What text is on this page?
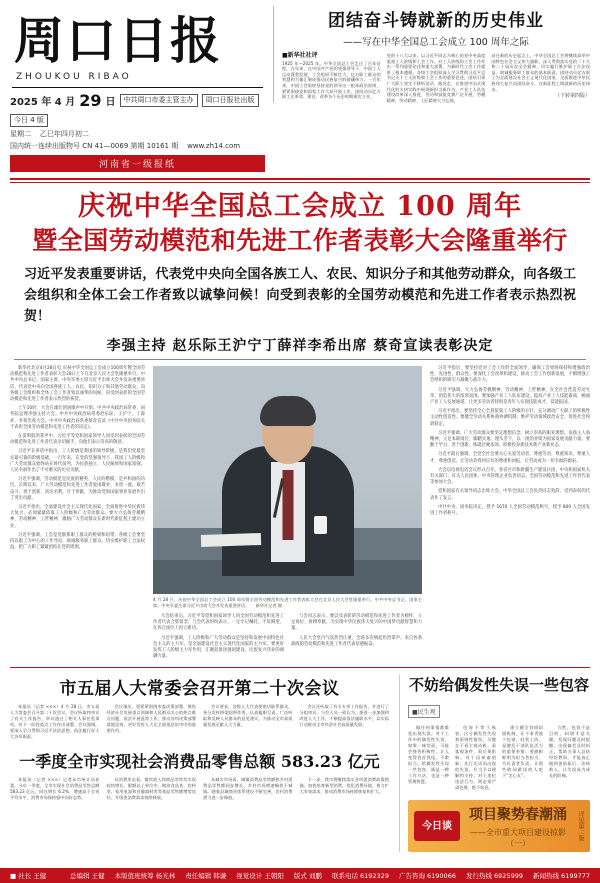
周口日报
ZHOUKOU RIBAO
2025 年 4 月 29 日	中共周口市委主管主办	周口日报社出版
今日 4 版
星期二 乙巳年四月初二
国内统一连续出版物号 CN 41—0069 第期 10161 期 www.zh14.com
河南省一级报纸
团结奋斗铸就新的历史伟业
——写在中华全国总工会成立 100 周年之际
■新华社社评
1925 年—2025 年。中华全国总工会走过了百年征程，百年来，在中国共产党的坚强领导下，中国工人运动蓬勃发展，工会组织不断壮大，亿万职工群众的智慧和力量汇聚成推动民族复兴的磅礴伟力。一百年来，中国工会始终坚持党的领导这一根本政治原则，紧紧围绕党和国家工作大局开展工作，团结动员亿万职工在革命、建设、改革各个历史时期建功立业。
党的十八大以来，以习近平同志为核心的党中央高度重视工人阶级和工会工作，对工人阶级和工会工作作出一系列重要论述和重大部署，为新时代工会工作提供了根本遵循。各级工会组织深入学习贯彻习近平总书记关于工人阶级和工会工作的重要论述，团结引领广大职工坚定不移听党话、跟党走，在推进中国式现代化的火热实践中展现新担当新作为。产业工人队伍建设改革深入推进，劳动和技能竞赛广泛开展，劳模精神、劳动精神、工匠精神大力弘扬。
站在新的历史起点上，中华全国总工会将继续高举中国特色社会主义伟大旗帜，深入贯彻落实党的二十大和二十届历次全会精神，切实履行维护职工合法权益、竭诚服务职工群众的基本职责，团结动员亿万职工为全面建设社会主义现代化国家、全面推进中华民族伟大复兴而团结奋斗，在新征程上铸就新的历史伟业。
（下转第四版）
庆祝中华全国总工会成立 100 周年
暨全国劳动模范和先进工作者表彰大会隆重举行
习近平发表重要讲话，代表党中央向全国各族工人、农民、知识分子和其他劳动群众，向各级工会组织和全体工会工作者致以诚挚问候！向受到表彰的全国劳动模范和先进工作者表示热烈祝贺！
李强主持 赵乐际王沪宁丁薛祥李希出席 蔡奇宣读表彰决定

新华社北京4月28日电 庆祝中华全国总工会成立100周年暨全国劳动模范和先进工作者表彰大会28日上午在北京人民大会堂隆重举行。中共中央总书记、国家主席、中央军委主席习近平出席大会并发表重要讲话，代表党中央向全国各族工人、农民、知识分子和其他劳动群众，向各级工会组织和全体工会工作者致以诚挚的问候，向受到表彰的全国劳动模范和先进工作者表示热烈的祝贺。

上午10时，大会在雄壮的国歌声中开始。中共中央政治局常委、国务院总理李强主持大会。中共中央政治局常委赵乐际、王沪宁、丁薛祥、李希出席大会。中共中央政治局常委蔡奇宣读《中共中央国务院关于表彰全国劳动模范和先进工作者的决定》。

在雷鸣般的掌声中，习近平等党和国家领导人同受到表彰的全国劳动模范和先进工作者代表亲切握手，向他们表示崇高的敬意。

习近平在讲话中指出，工人阶级是我国的领导阶级，是我们党最坚实最可靠的阶级基础。一百年来，在党的坚强领导下，我国工人阶级和广大劳动群众始终站在时代前列，为民族独立、人民解放和国家富强、人民幸福作出了不可磨灭的历史贡献。

习近平强调，劳动模范是民族的精英、人民的楷模，是共和国的功臣。长期以来，广大劳动模范和先进工作者爱岗敬业、争创一流，艰苦奋斗、勇于创新，淡泊名利、甘于奉献，为推动党和国家事业发展作出了突出贡献。

习近平指出，全面建设社会主义现代化国家、全面推进中华民族伟大复兴，必须紧紧依靠工人阶级和广大劳动群众。要大力弘扬劳模精神、劳动精神、工匠精神，激励广大劳动群众在新时代新征程上建功立业。

习近平强调，工会是党联系职工群众的桥梁和纽带。各级工会要坚持以职工为中心的工作导向，竭诚服务职工群众，切实维护职工合法权益，把广大职工紧紧团结在党的周围。

4 月 28 日，庆祝中华全国总工会成立 100 周年暨全国劳动模范和先进工作者表彰大会在北京人民大会堂隆重举行。中共中央总书记、国家主席、中央军委主席习近平出席大会并发表重要讲话。　　新华社记者 摄

大会结束后，习近平等党和国家领导人同全国劳动模范和先进工作者代表合影留念。与会代表纷纷表示，一定牢记嘱托、不负期望，在各自岗位上再立新功。

习近平强调，工人阶级和广大劳动群众是坚持和发展中国特色社会主义的主力军，是全面建设社会主义现代化国家的主力军。要更好发挥工人阶级主力军作用，汇聚起推进强国建设、民族复兴伟业的磅礴力量。

与会同志表示，要以受表彰的劳动模范和先进工作者为榜样，立足岗位、拼搏奉献，为实现中华民族伟大复兴的中国梦贡献智慧和力量。

人民大会堂内气氛热烈庄重，全场多次响起热烈掌声。来自各条战线的劳动模范和先进工作者代表倍感振奋。

习近平指出，要坚持党对工会工作的全面领导，确保工会始终保持和增强政治性、先进性、群众性。要深化工会改革和建设，推动工会工作创新发展，不断增强工会组织的吸引力凝聚力战斗力。

习近平强调，大力弘扬劳模精神、劳动精神、工匠精神，在全社会营造劳动光荣、创造伟大的浓厚氛围。要加强产业工人队伍建设，提高产业工人技能素质，畅通产业工人发展通道，让更多劳动者特别是青年人实现技能成才、技能报国。

习近平指出，要坚持全心全意依靠工人阶级的方针，充分调动广大职工的积极性主动性创造性。要健全劳动关系协商协调机制，维护劳动领域政治安全，促进社会和谐稳定。

习近平强调，广大劳动群众要坚定理想信念，树立崇高的职业理想，发扬主人翁精神，立足本职岗位，脚踏实地、埋头苦干，以一流的业绩为国家发展贡献力量。要勤于学习、善于创新，练就过硬本领，积极投身新技术新产业新业态。

习近平最后强调，全党全社会要关心关爱劳动者，尊重劳动、尊重知识、尊重人才、尊重创造，让劳动者得到应有的尊重和回报，让劳动成为一切幸福的源泉。

大会以电视电话会议形式召开。各省区市和新疆生产建设兵团、中央和国家机关有关部门、有关人民团体、中央管理企业负责同志，全国劳动模范和先进工作者代表等参加大会。

党和国家有关领导同志出席大会。中华全国总工会负责同志致辞，受到表彰的代表作了发言。

中共中央、国务院决定，授予 1670 人全国劳动模范称号，授予 800 人全国先进工作者称号。

市五届人大常委会召开第二十次会议

本报讯（记者 ×××）4 月 28 日，市五届人大常委会召开第二十次会议。会议听取和审议了有关工作报告，审议通过了相关人事任免事项，对下一阶段重点工作作出部署。会议强调，要深入学习贯彻习近平法治思想，依法履行好人大各项职责。

会议指出，要紧紧围绕市委决策部署，聚焦经济社会发展重点领域和人民群众关心的热点难点问题，依法开展监督工作，推动各项决策部署落地见效，更好发挥人大在全面依法治市中的重要作用。

会议要求，各级人大代表要密切联系群众，充分发挥桥梁纽带作用，认真履职尽责，广泛听取和反映人民群众的意见建议，为推动全市高质量发展贡献人大力量。

会议还听取了有关专项工作报告，并进行了分组审议。与会人员一致认为，要进一步加强和改进人大工作，不断提高依法履职水平，以实际行动推动全市经济社会高质量发展。

一季度全市实现社会消费品零售总额 583.23 亿元

本报讯（记者 ×××）记者从市统计局获悉，今年一季度，全市实现社会消费品零售总额 583.23 亿元，同比增长 6.2%，增速高于全省平均水平，消费市场保持稳中向好态势。

从消费形态看，餐饮收入和商品零售均实现较快增长。限额以上单位中，粮油食品类、饮料类、家用电器和音像器材类等商品零售额增势良好，升级类消费需求持续释放。

从城乡市场看，城镇消费品零售额和乡村消费品零售额同步增长，乡村市场增速略快于城镇。随着县域商业体系建设不断完善，农村消费潜力进一步释放。

下一步，我市将继续落实各项促消费政策措施，加快培育新型消费，优化消费环境，着力扩大有效需求，推动消费市场持续恢复和扩大。

不妨给偶发性失误一些包容
■民生观

做任何事情都难免出现失误。对于工作中的偶发性失误，如果一味苛责，可能会挫伤积极性，让人变得畏首畏尾、不敢担当。给偶发性失误一些包容，既是一种工作方法，也是一种管理智慧。

包容不等于纵容。区分偶发性失误和原则性错误，关键在于看主观动机、看客观条件、看后果影响。对于因探索创新、先行先试而出现的失误，应当予以理解和支持；对于违纪违法行为，则必须严肃处理，绝不姑息。

建立健全容错纠错机制，让干事者放下包袱、轻装上阵，是激发干部队伍活力的重要举措。要旗帜鲜明为担当者担当、为负责者负责，让那些敢闯敢试的人吃下“定心丸”。

当然，包容不是目的，纠错才是关键。发现问题及时提醒，出现偏差及时纠正，帮助当事人总结经验教训，才能真正做到惩前毖后、治病救人，让失误成为成长的阶梯。

今日谈
项目聚势春潮涌
——全市重大项目建设掠影（一）
详见第二版
■ 社长 王健	总编辑 王健 本版值班统筹 杨光林 责任编辑 韩谦 视觉设计 王朝阳 版式 刘鹏 联系电话 6192329 广告咨询 6190066 发行热线 6925999 新闻热线 6199777
